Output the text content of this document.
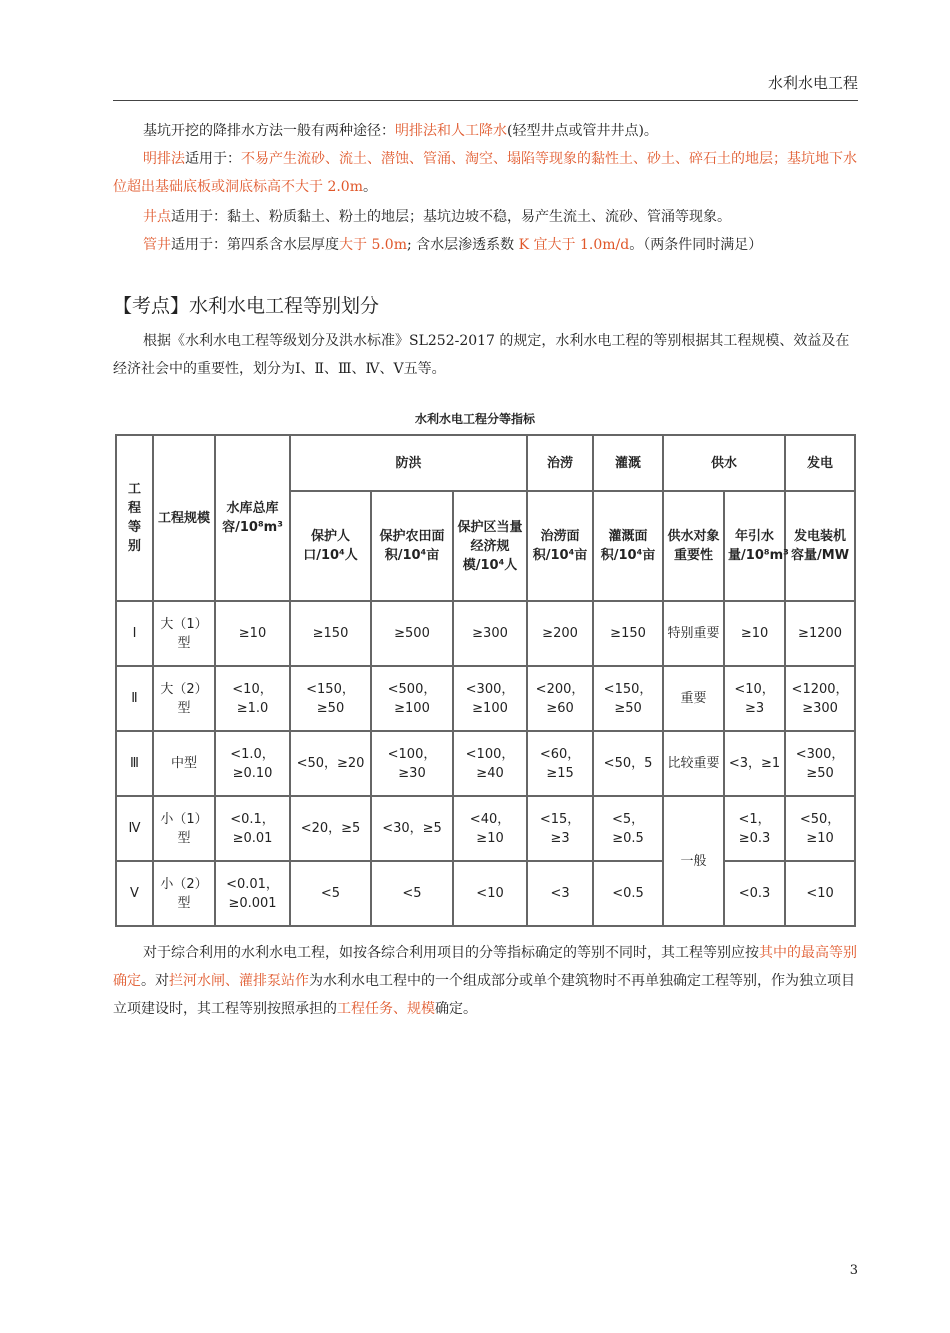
水利水电工程
基坑开挖的降排水方法一般有两种途径：明排法和人工降水(轻型井点或管井井点)。
明排法适用于：不易产生流砂、流土、潜蚀、管涌、淘空、塌陷等现象的黏性土、砂土、碎石土的地层；基坑地下水位超出基础底板或洞底标高不大于 2.0m。
井点适用于：黏土、粉质黏土、粉土的地层；基坑边坡不稳，易产生流土、流砂、管涌等现象。
管井适用于：第四系含水层厚度大于 5.0m; 含水层渗透系数 K 宜大于 1.0m/d。（两条件同时满足）
【考点】水利水电工程等别划分
根据《水利水电工程等级划分及洪水标准》SL252-2017 的规定，水利水电工程的等别根据其工程规模、效益及在经济社会中的重要性，划分为Ⅰ、Ⅱ、Ⅲ、Ⅳ、Ⅴ五等。
水利水电工程分等指标
工程等别	工程规模	水库总库容/10⁸m³	防洪			治涝	灌溉	供水		发电
			保护人口/10⁴人	保护农田面积/10⁴亩	保护区当量经济规模/10⁴人	治涝面积/10⁴亩	灌溉面积/10⁴亩	供水对象重要性	年引水量/10⁸m³	发电装机容量/MW
Ⅰ	大（1）型	≥10	≥150	≥500	≥300	≥200	≥150	特别重要	≥10	≥1200
Ⅱ	大（2）型	<10，≥1.0	<150，≥50	<500，≥100	<300，≥100	<200，≥60	<150，≥50	重要	<10，≥3	<1200，≥300
Ⅲ	中型	<1.0，≥0.10	<50，≥20	<100，≥30	<100，≥40	<60，≥15	<50，5	比较重要	<3，≥1	<300，≥50
Ⅳ	小（1）型	<0.1，≥0.01	<20，≥5	<30，≥5	<40，≥10	<15，≥3	<5，≥0.5	一般	<1，≥0.3	<50，≥10
Ⅴ	小（2）型	<0.01，≥0.001	<5	<5	<10	<3	<0.5		<0.3	<10
对于综合利用的水利水电工程，如按各综合利用项目的分等指标确定的等别不同时，其工程等别应按其中的最高等别确定。对拦河水闸、灌排泵站作为水利水电工程中的一个组成部分或单个建筑物时不再单独确定工程等别，作为独立项目立项建设时，其工程等别按照承担的工程任务、规模确定。
3
